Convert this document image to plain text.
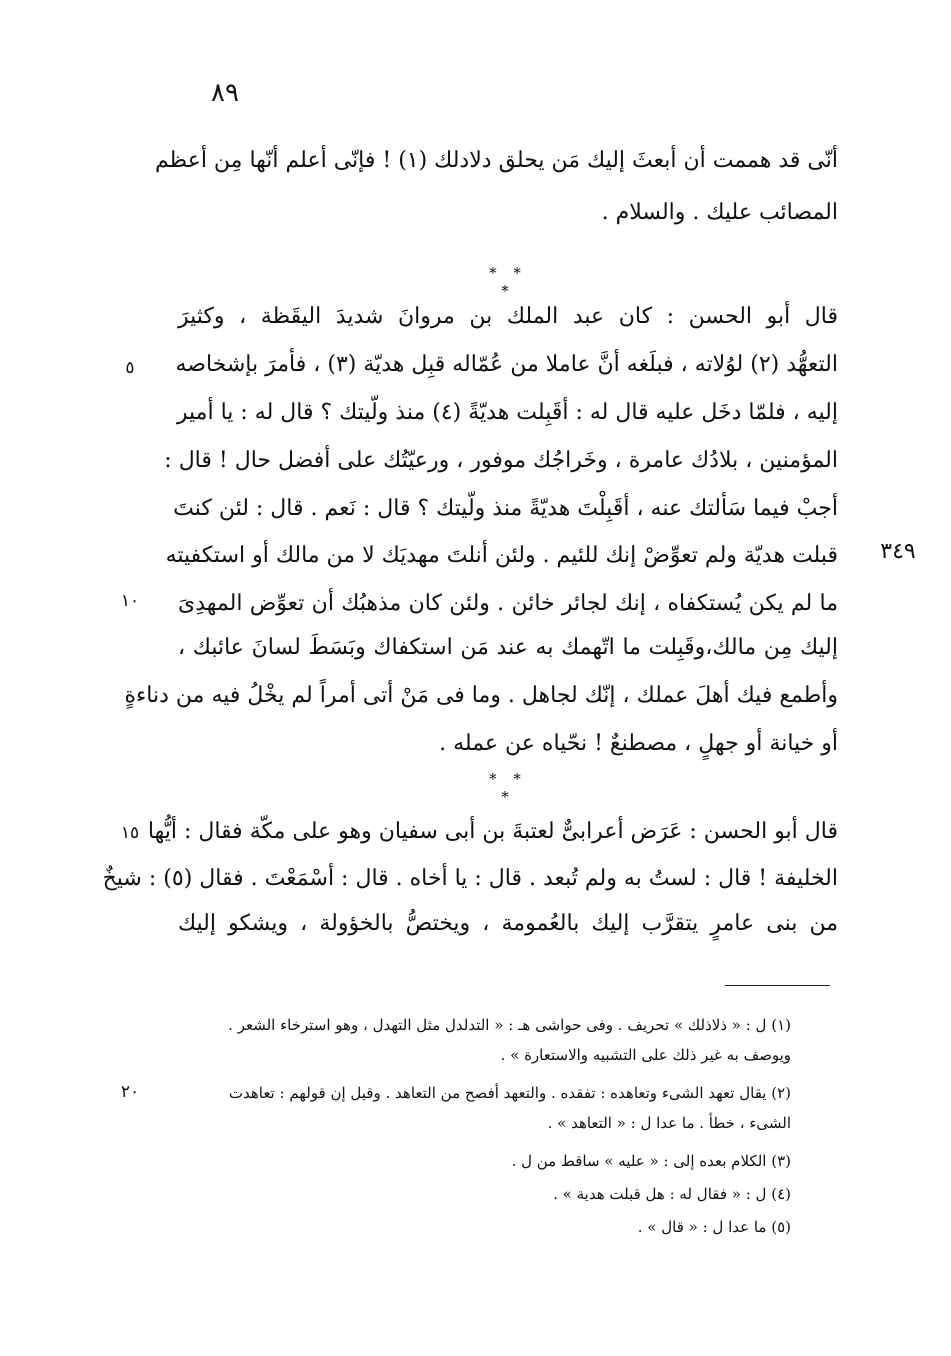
٨٩
أنّى قد هممت أن أبعثَ إليك مَن يحلق دلادلك (١) ! فإنّى أعلم أنّها مِن أعظم
المصائب عليك . والسلام .
* * *
قال أبو الحسن : كان عبد الملك بن مروانَ شديدَ اليقَظة ، وكثيرَ
التعهُّد (٢) لوُلاته ، فبلَغه أنَّ عاملا من عُمّاله قبِل هديّة (٣) ، فأمرَ بإشخاصه
إليه ، فلمّا دخَل عليه قال له : أقَبِلت هديّةً (٤) منذ ولّيتك ؟ قال له : يا أمير
المؤمنين ، بلادُك عامرة ، وخَراجُك موفور ، ورعيّتُك على أفضل حال ! قال :
أجبْ فيما سَألتك عنه ، أقَبِلْتَ هديّةً منذ ولّيتك ؟ قال : نَعم . قال : لئن كنتَ
قبلت هديّة ولم تعوِّضْ إنك للئيم . ولئن أنلتَ مهديَك لا من مالك أو استكفيته
ما لم يكن يُستكفاه ، إنك لجائر خائن . ولئن كان مذهبُك أن تعوِّض المهدِىَ
إليك مِن مالك،وقَبِلت ما اتّهمك به عند مَن استكفاك وبَسَطَ لسانَ عائبك ،
وأطمع فيك أهلَ عملك ، إنّك لجاهل . وما فى مَنْ أتى أمراً لم يخْلُ فيه من دناءةٍ
أو خيانة أو جهلٍ ، مصطنعٌ ! نحّياه عن عمله .
* * *
قال أبو الحسن : عَرَض أعرابىٌّ لعتبةَ بن أبى سفيان وهو على مكّة فقال : أيُّها
الخليفة ! قال : لستُ به ولم تُبعد . قال : يا أخاه . قال : أسْمَعْتَ . فقال (٥) : شيخٌ
من بنى عامرٍ يتقرَّب إليك بالعُمومة ، ويختصُّ بالخؤولة ، ويشكو إليك
٥
١٠
١٥
٢٠
٣٤٩
(١) ل : « ذلاذلك » تحريف . وفى حواشى هـ : « التدلدل مثل التهدل ، وهو استرخاء الشعر .
ويوصف به غير ذلك على التشبيه والاستعارة » .
(٢) يقال تعهد الشىء وتعاهده : تفقده . والتعهد أفصح من التعاهد . وقيل إن قولهم : تعاهدت
الشىء ، خطأ . ما عدا ل : « التعاهد » .
(٣) الكلام بعده إلى : « عليه » ساقط من ل .
(٤) ل : « فقال له : هل قبلت هدية » .
(٥) ما عدا ل : « قال » .
